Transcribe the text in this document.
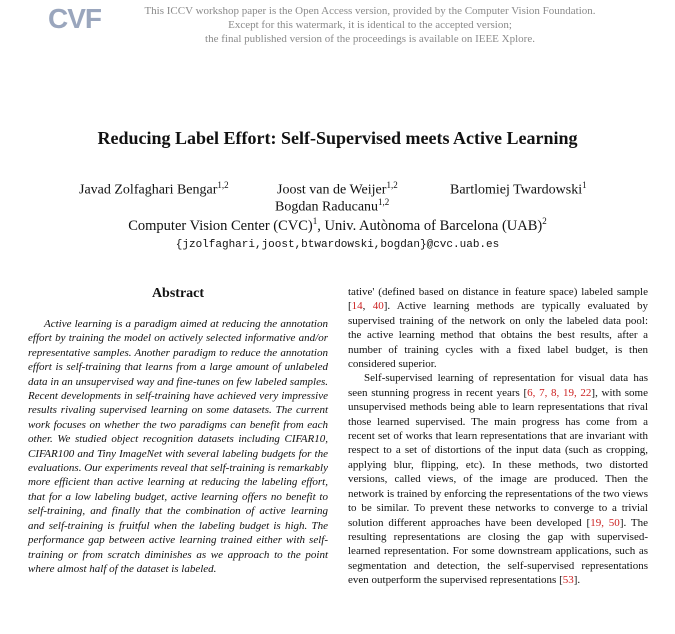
CVF	This ICCV workshop paper is the Open Access version, provided by the Computer Vision Foundation.
Except for this watermark, it is identical to the accepted version;
the final published version of the proceedings is available on IEEE Xplore.
Reducing Label Effort: Self-Supervised meets Active Learning
Javad Zolfaghari Bengar$^{1,2}$	Joost van de Weijer$^{1,2}$	Bartlomiej Twardowski$^1$
Bogdan Raducanu$^{1,2}$
Computer Vision Center (CVC)$^1$, Univ. Autònoma of Barcelona (UAB)$^2$
{jzolfaghari,joost,btwardowski,bogdan}@cvc.uab.es
Abstract
Active learning is a paradigm aimed at reducing the annotation effort by training the model on actively selected informative and/or representative samples. Another paradigm to reduce the annotation effort is self-training that learns from a large amount of unlabeled data in an unsupervised way and fine-tunes on few labeled samples. Recent developments in self-training have achieved very impressive results rivaling supervised learning on some datasets. The current work focuses on whether the two paradigms can benefit from each other. We studied object recognition datasets including CIFAR10, CIFAR100 and Tiny ImageNet with several labeling budgets for the evaluations. Our experiments reveal that self-training is remarkably more efficient than active learning at reducing the labeling effort, that for a low labeling budget, active learning offers no benefit to self-training, and finally that the combination of active learning and self-training is fruitful when the labeling budget is high. The performance gap between active learning trained either with self-training or from scratch diminishes as we approach to the point where almost half of the dataset is labeled.

tative' (defined based on distance in feature space) labeled sample [14, 40]. Active learning methods are typically evaluated by supervised training of the network on only the labeled data pool: the active learning method that obtains the best results, after a number of training cycles with a fixed label budget, is then considered superior.

Self-supervised learning of representation for visual data has seen stunning progress in recent years [6, 7, 8, 19, 22], with some unsupervised methods being able to learn representations that rival those learned supervised. The main progress has come from a recent set of works that learn representations that are invariant with respect to a set of distortions of the input data (such as cropping, applying blur, flipping, etc). In these methods, two distorted versions, called views, of the image are produced. Then the network is trained by enforcing the representations of the two views to be similar. To prevent these networks to converge to a trivial solution different approaches have been developed [19, 50]. The resulting representations are closing the gap with supervised-learned representation. For some downstream applications, such as segmentation and detection, the self-supervised representations even outperform the supervised representations [53].
